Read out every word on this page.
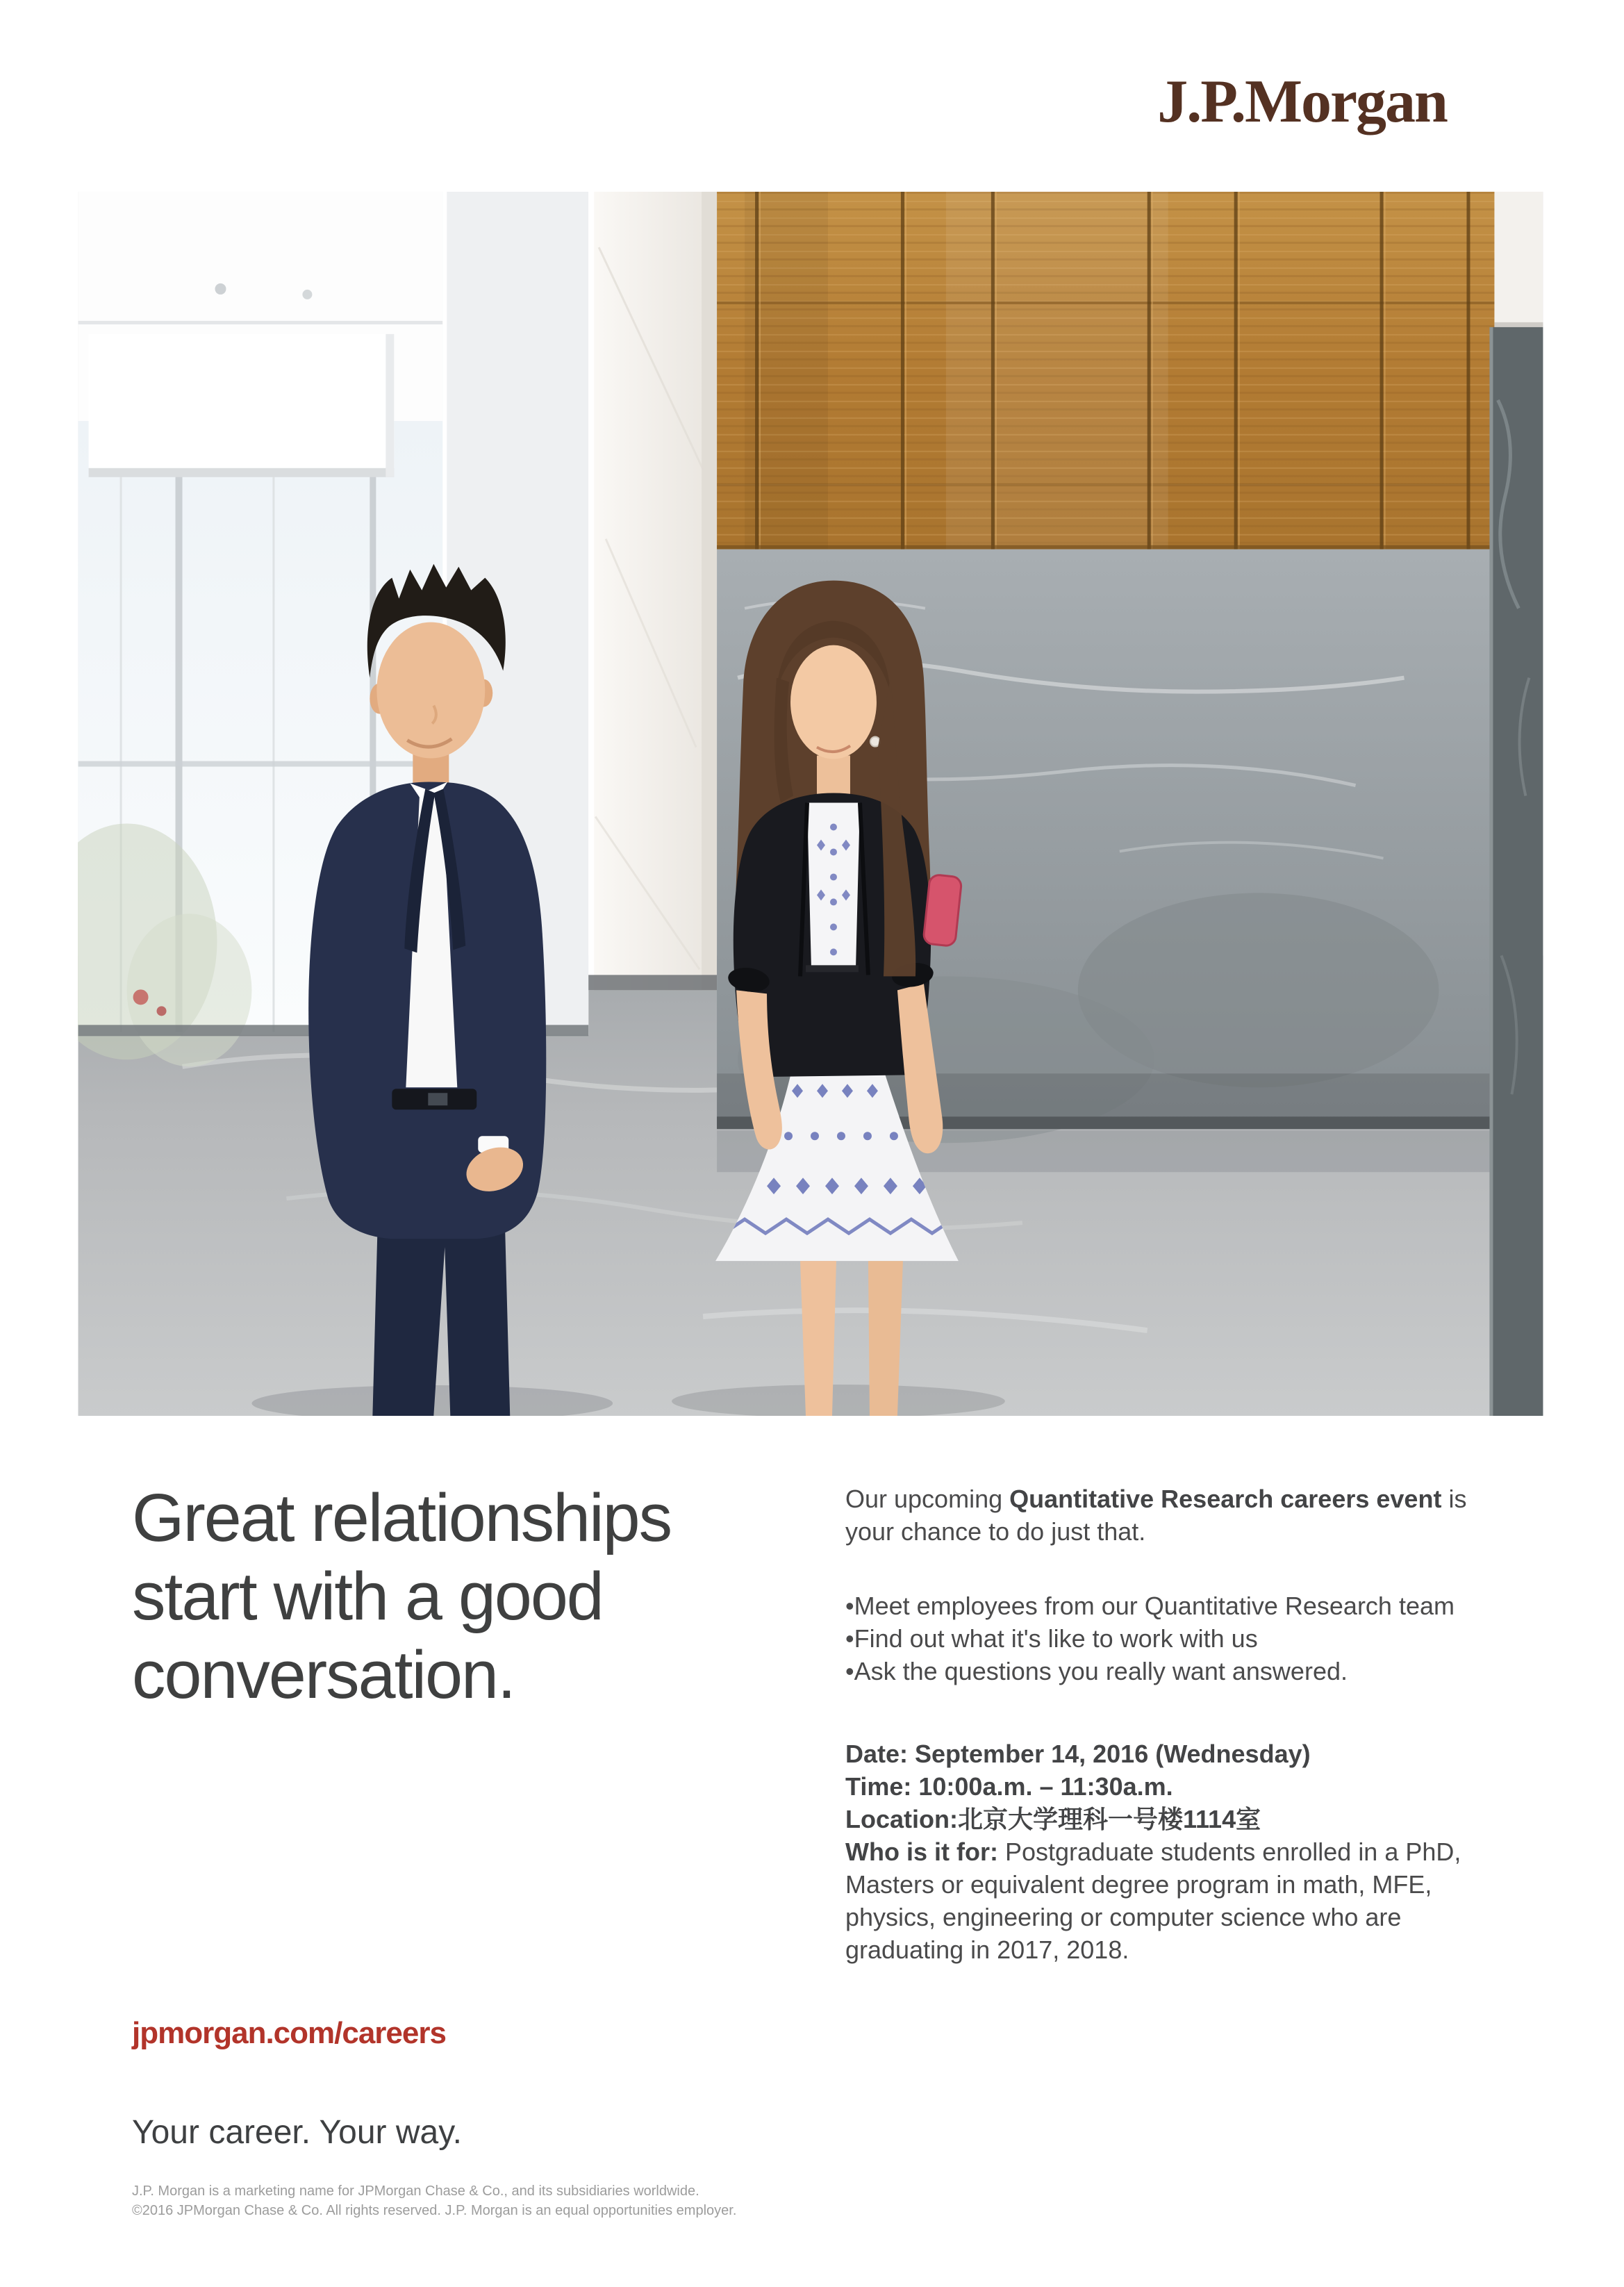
J.P.Morgan
Great relationships
start with a good
conversation.
Our upcoming Quantitative Research careers event is
your chance to do just that.
•Meet employees from our Quantitative Research team
•Find out what it's like to work with us
•Ask the questions you really want answered.
Date: September 14, 2016 (Wednesday)
Time: 10:00a.m. – 11:30a.m.
Location:北京大学理科一号楼1114室
Who is it for: Postgraduate students enrolled in a PhD,
Masters or equivalent degree program in math, MFE,
physics, engineering or computer science who are
graduating in 2017, 2018.
jpmorgan.com/careers
Your career. Your way.
J.P. Morgan is a marketing name for JPMorgan Chase & Co., and its subsidiaries worldwide.
©2016 JPMorgan Chase & Co. All rights reserved. J.P. Morgan is an equal opportunities employer.
